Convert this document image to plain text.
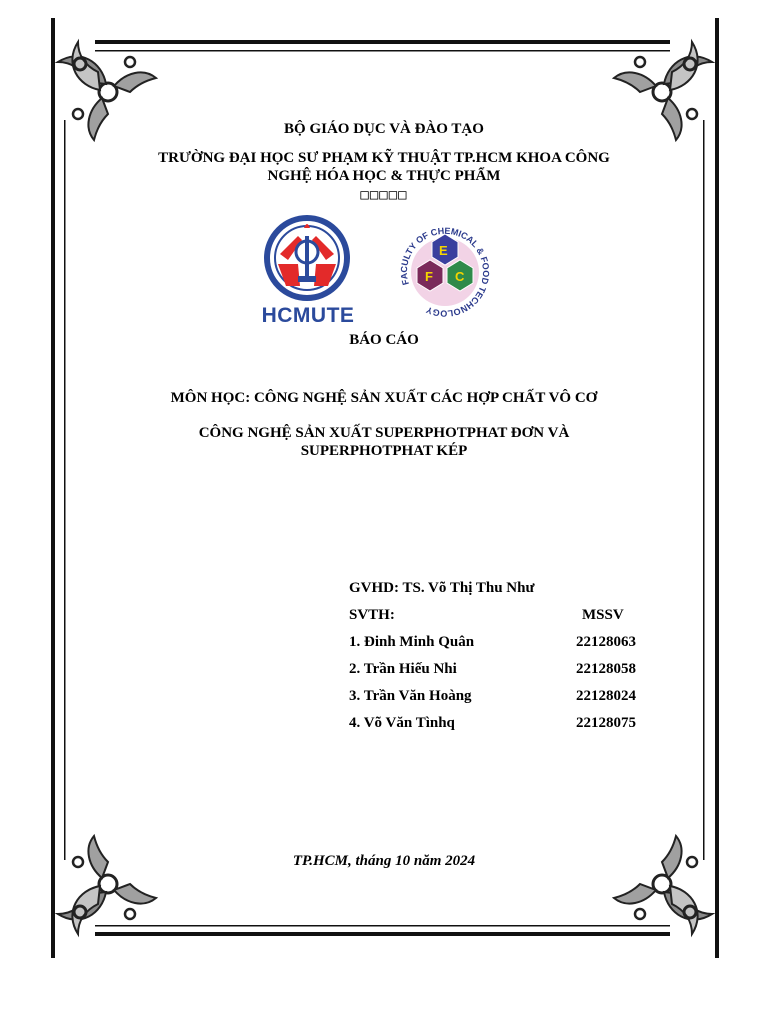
BỘ GIÁO DỤC VÀ ĐÀO TẠO
TRƯỜNG ĐẠI HỌC SƯ PHẠM KỸ THUẬT TP.HCM KHOA CÔNG
NGHỆ HÓA HỌC & THỰC PHẨM
□□□□□
HCMUTE
E
F C
FACULTY OF CHEMICAL & FOOD TECHNOLOGY
BÁO CÁO
MÔN HỌC: CÔNG NGHỆ SẢN XUẤT CÁC HỢP CHẤT VÔ CƠ
CÔNG NGHỆ SẢN XUẤT SUPERPHOTPHAT ĐƠN VÀ
SUPERPHOTPHAT KÉP
GVHD: TS. Võ Thị Thu Như
SVTH:	MSSV
1. Đinh Minh Quân	22128063
2. Trần Hiếu Nhi	22128058
3. Trần Văn Hoàng	22128024
4. Võ Văn Tìnhq	22128075
TP.HCM, tháng 10 năm 2024
